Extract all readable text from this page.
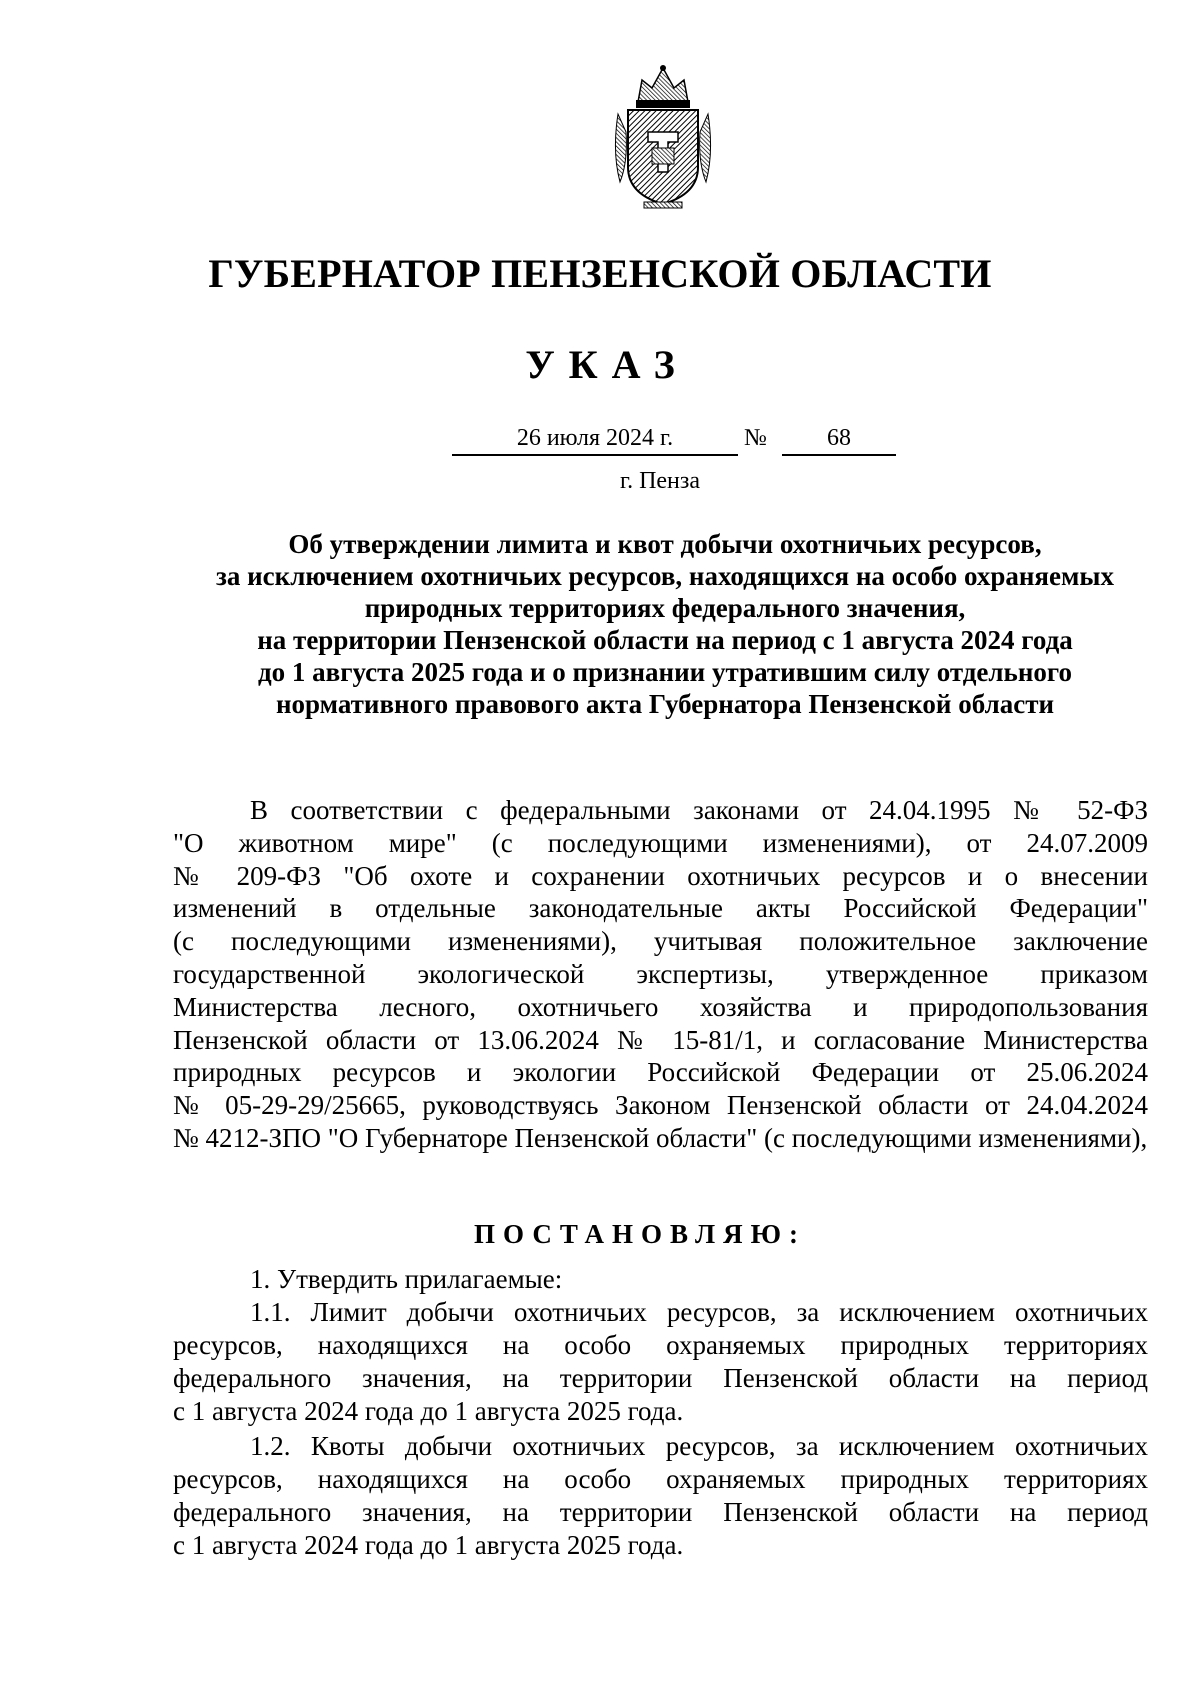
ГУБЕРНАТОР ПЕНЗЕНСКОЙ ОБЛАСТИ
УКАЗ
26 июля 2024 г.	№	68
г. Пенза
Об утверждении лимита и квот добычи охотничьих ресурсов,
за исключением охотничьих ресурсов, находящихся на особо охраняемых
природных территориях федерального значения,
на территории Пензенской области на период с 1 августа 2024 года
до 1 августа 2025 года и о признании утратившим силу отдельного
нормативного правового акта Губернатора Пензенской области
В соответствии с федеральными законами от 24.04.1995 № 52-ФЗ
"О животном мире" (с последующими изменениями), от 24.07.2009
№ 209-ФЗ "Об охоте и сохранении охотничьих ресурсов и о внесении
изменений в отдельные законодательные акты Российской Федерации"
(с последующими изменениями), учитывая положительное заключение
государственной экологической экспертизы, утвержденное приказом
Министерства лесного, охотничьего хозяйства и природопользования
Пензенской области от 13.06.2024 № 15-81/1, и согласование Министерства
природных ресурсов и экологии Российской Федерации от 25.06.2024
№ 05-29-29/25665, руководствуясь Законом Пензенской области от 24.04.2024
№ 4212-ЗПО "О Губернаторе Пензенской области" (с последующими изменениями),
ПОСТАНОВЛЯЮ:
1. Утвердить прилагаемые:
1.1. Лимит добычи охотничьих ресурсов, за исключением охотничьих
ресурсов, находящихся на особо охраняемых природных территориях
федерального значения, на территории Пензенской области на период
с 1 августа 2024 года до 1 августа 2025 года.
1.2. Квоты добычи охотничьих ресурсов, за исключением охотничьих
ресурсов, находящихся на особо охраняемых природных территориях
федерального значения, на территории Пензенской области на период
с 1 августа 2024 года до 1 августа 2025 года.
